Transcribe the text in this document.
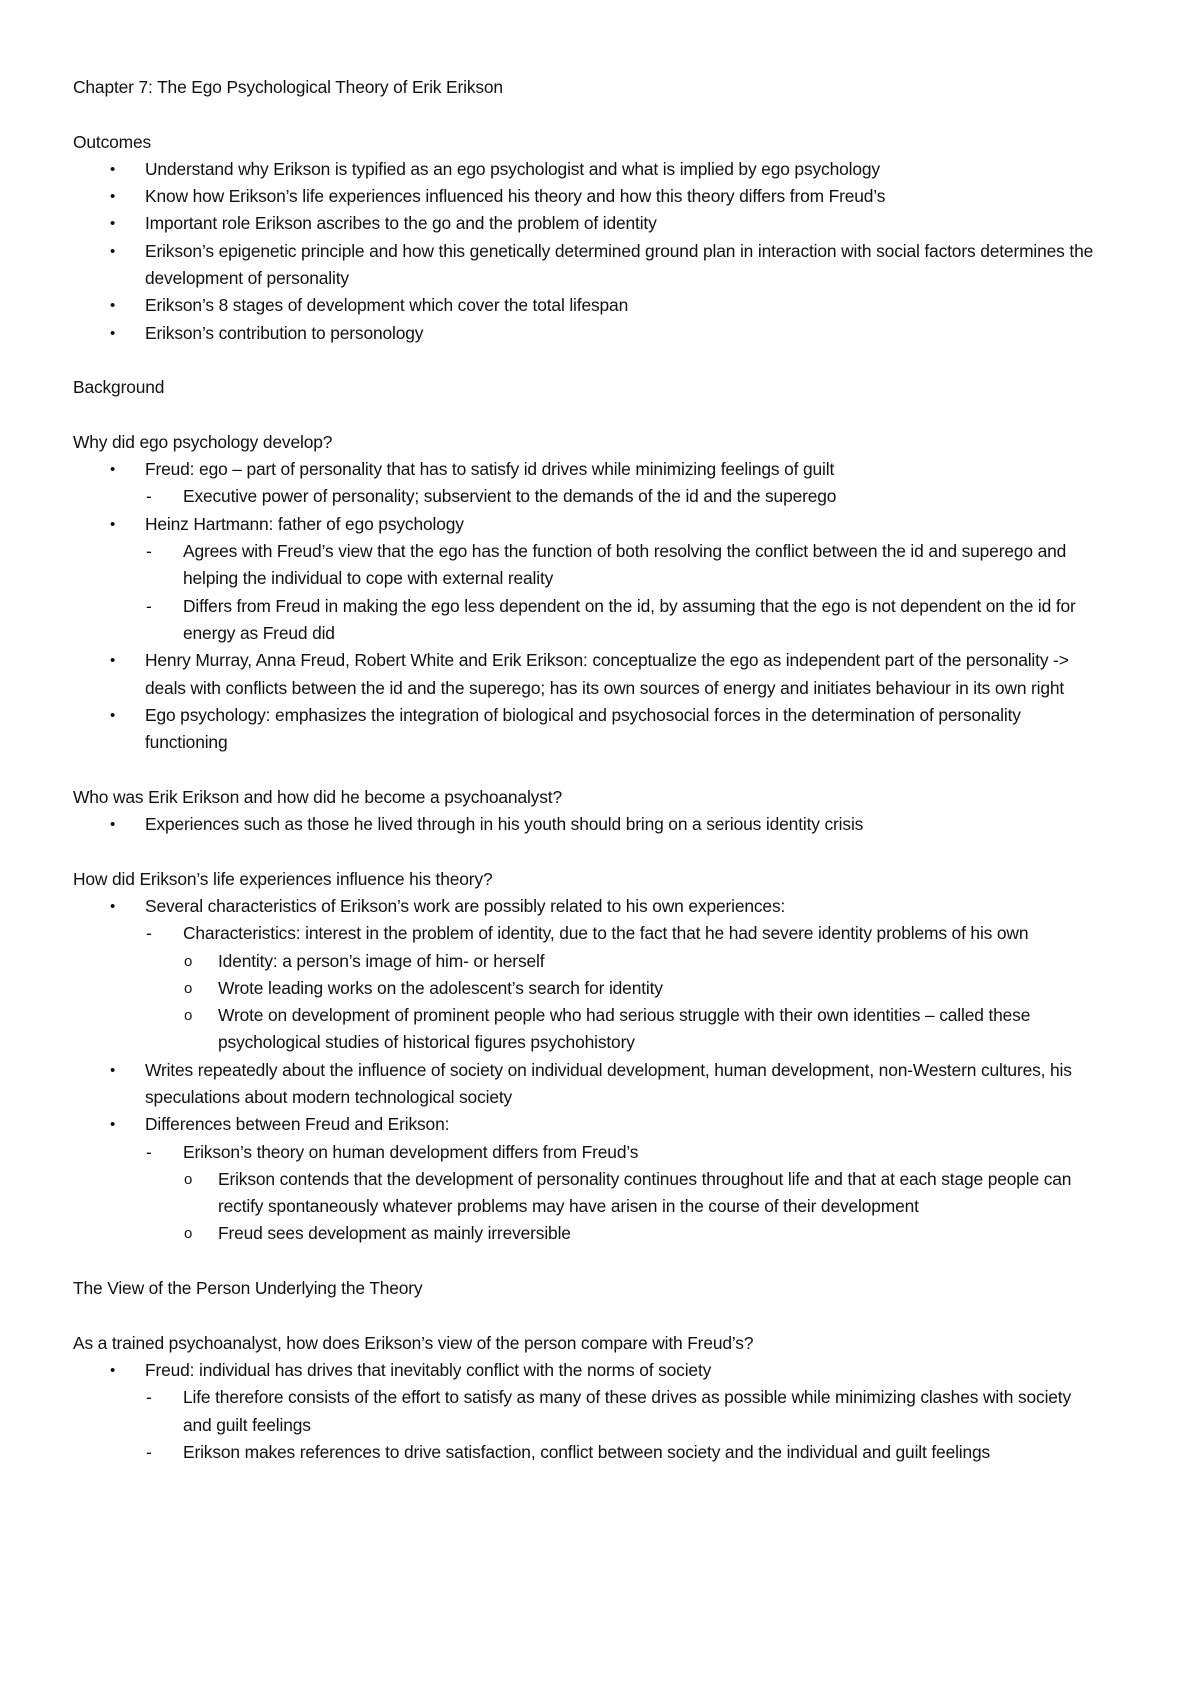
Chapter 7: The Ego Psychological Theory of Erik Erikson

Outcomes

• Understand why Erikson is typified as an ego psychologist and what is implied by ego psychology
• Know how Erikson’s life experiences influenced his theory and how this theory differs from Freud’s
• Important role Erikson ascribes to the go and the problem of identity
• Erikson’s epigenetic principle and how this genetically determined ground plan in interaction with social factors determines the development of personality
• Erikson’s 8 stages of development which cover the total lifespan
• Erikson’s contribution to personology

Background

Why did ego psychology develop?

• Freud: ego – part of personality that has to satisfy id drives while minimizing feelings of guilt
- Executive power of personality; subservient to the demands of the id and the superego
• Heinz Hartmann: father of ego psychology
- Agrees with Freud’s view that the ego has the function of both resolving the conflict between the id and superego and helping the individual to cope with external reality
- Differs from Freud in making the ego less dependent on the id, by assuming that the ego is not dependent on the id for energy as Freud did
• Henry Murray, Anna Freud, Robert White and Erik Erikson: conceptualize the ego as independent part of the personality -> deals with conflicts between the id and the superego; has its own sources of energy and initiates behaviour in its own right
• Ego psychology: emphasizes the integration of biological and psychosocial forces in the determination of personality functioning

Who was Erik Erikson and how did he become a psychoanalyst?

• Experiences such as those he lived through in his youth should bring on a serious identity crisis

How did Erikson’s life experiences influence his theory?

• Several characteristics of Erikson’s work are possibly related to his own experiences:
- Characteristics: interest in the problem of identity, due to the fact that he had severe identity problems of his own
o Identity: a person’s image of him- or herself
o Wrote leading works on the adolescent’s search for identity
o Wrote on development of prominent people who had serious struggle with their own identities – called these psychological studies of historical figures psychohistory
• Writes repeatedly about the influence of society on individual development, human development, non-Western cultures, his speculations about modern technological society
• Differences between Freud and Erikson:
- Erikson’s theory on human development differs from Freud’s
o Erikson contends that the development of personality continues throughout life and that at each stage people can rectify spontaneously whatever problems may have arisen in the course of their development
o Freud sees development as mainly irreversible

The View of the Person Underlying the Theory

As a trained psychoanalyst, how does Erikson’s view of the person compare with Freud’s?

• Freud: individual has drives that inevitably conflict with the norms of society
- Life therefore consists of the effort to satisfy as many of these drives as possible while minimizing clashes with society and guilt feelings
- Erikson makes references to drive satisfaction, conflict between society and the individual and guilt feelings
